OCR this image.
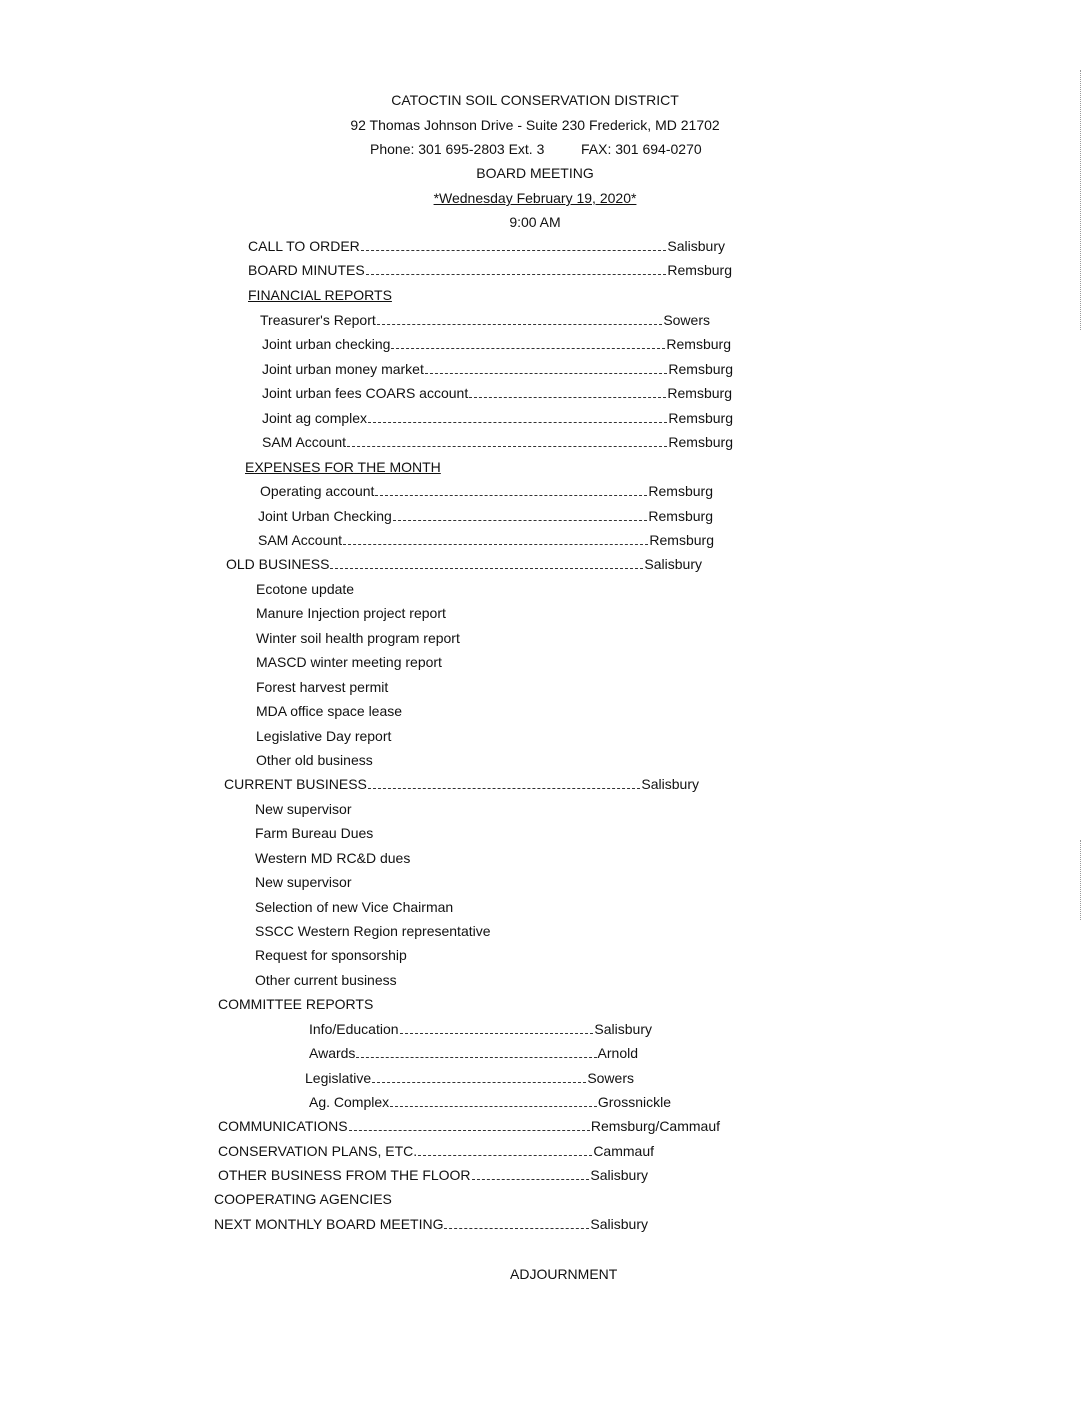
CATOCTIN SOIL CONSERVATION DISTRICT
92 Thomas Johnson Drive - Suite 230 Frederick, MD 21702
Phone: 301 695-2803 Ext. 3	FAX: 301 694-0270
BOARD MEETING
*Wednesday February 19, 2020*
9:00 AM
CALL TO ORDER	Salisbury
BOARD MINUTES	Remsburg
FINANCIAL REPORTS
Treasurer's Report	Sowers
Joint urban checking	Remsburg
Joint urban money market	Remsburg
Joint urban fees COARS account	Remsburg
Joint ag complex	Remsburg
SAM Account	Remsburg
EXPENSES FOR THE MONTH
Operating account	Remsburg
Joint Urban Checking	Remsburg
SAM Account	Remsburg
OLD BUSINESS	Salisbury
Ecotone update
Manure Injection project report
Winter soil health program report
MASCD winter meeting report
Forest harvest permit
MDA office space lease
Legislative Day report
Other old business
CURRENT BUSINESS	Salisbury
New supervisor
Farm Bureau Dues
Western MD RC&D dues
New supervisor
Selection of new Vice Chairman
SSCC Western Region representative
Request for sponsorship
Other current business
COMMITTEE REPORTS
Info/Education	Salisbury
Awards	Arnold
Legislative	Sowers
Ag. Complex	Grossnickle
COMMUNICATIONS	Remsburg/Cammauf
CONSERVATION PLANS, ETC.	Cammauf
OTHER BUSINESS FROM THE FLOOR	Salisbury
COOPERATING AGENCIES
NEXT MONTHLY BOARD MEETING	Salisbury
ADJOURNMENT
